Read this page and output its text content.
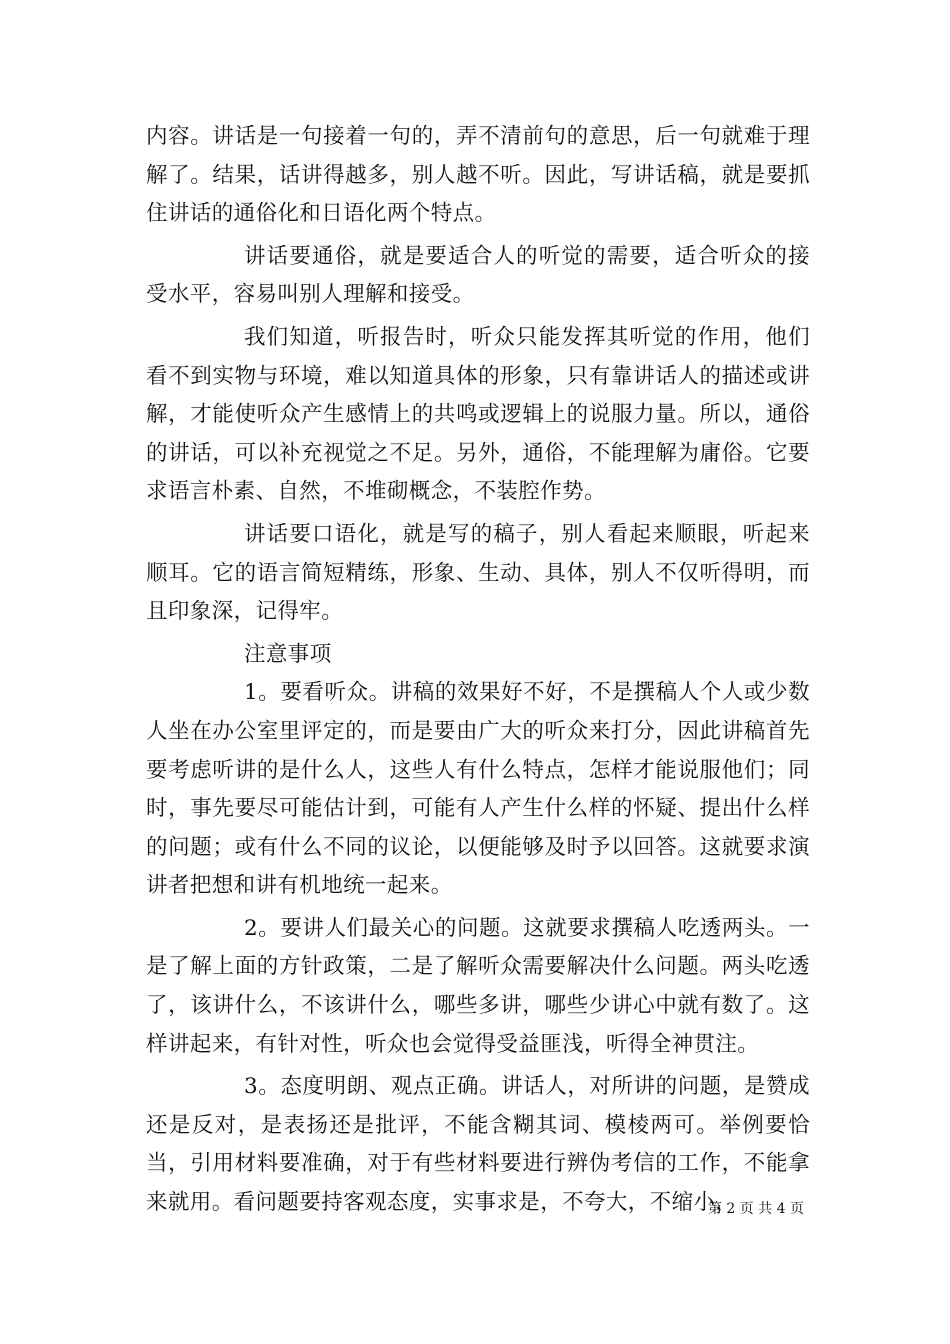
内容。讲话是一句接着一句的，弄不清前句的意思，后一句就难于理解了。结果，话讲得越多，别人越不听。因此，写讲话稿，就是要抓住讲话的通俗化和日语化两个特点。

讲话要通俗，就是要适合人的听觉的需要，适合听众的接受水平，容易叫别人理解和接受。

我们知道，听报告时，听众只能发挥其听觉的作用，他们看不到实物与环境，难以知道具体的形象，只有靠讲话人的描述或讲解，才能使听众产生感情上的共鸣或逻辑上的说服力量。所以，通俗的讲话，可以补充视觉之不足。另外，通俗，不能理解为庸俗。它要求语言朴素、自然，不堆砌概念，不装腔作势。

讲话要口语化，就是写的稿子，别人看起来顺眼，听起来顺耳。它的语言简短精练，形象、生动、具体，别人不仅听得明，而且印象深，记得牢。

注意事项

1。要看听众。讲稿的效果好不好，不是撰稿人个人或少数人坐在办公室里评定的，而是要由广大的听众来打分，因此讲稿首先要考虑听讲的是什么人，这些人有什么特点，怎样才能说服他们；同时，事先要尽可能估计到，可能有人产生什么样的怀疑、提出什么样的问题；或有什么不同的议论，以便能够及时予以回答。这就要求演讲者把想和讲有机地统一起来。

2。要讲人们最关心的问题。这就要求撰稿人吃透两头。一是了解上面的方针政策，二是了解听众需要解决什么问题。两头吃透了，该讲什么，不该讲什么，哪些多讲，哪些少讲心中就有数了。这样讲起来，有针对性，听众也会觉得受益匪浅，听得全神贯注。

3。态度明朗、观点正确。讲话人，对所讲的问题，是赞成还是反对，是表扬还是批评，不能含糊其词、模棱两可。举例要恰当，引用材料要准确，对于有些材料要进行辨伪考信的工作，不能拿来就用。看问题要持客观态度，实事求是，不夸大，不缩小，

第 2 页 共 4 页
